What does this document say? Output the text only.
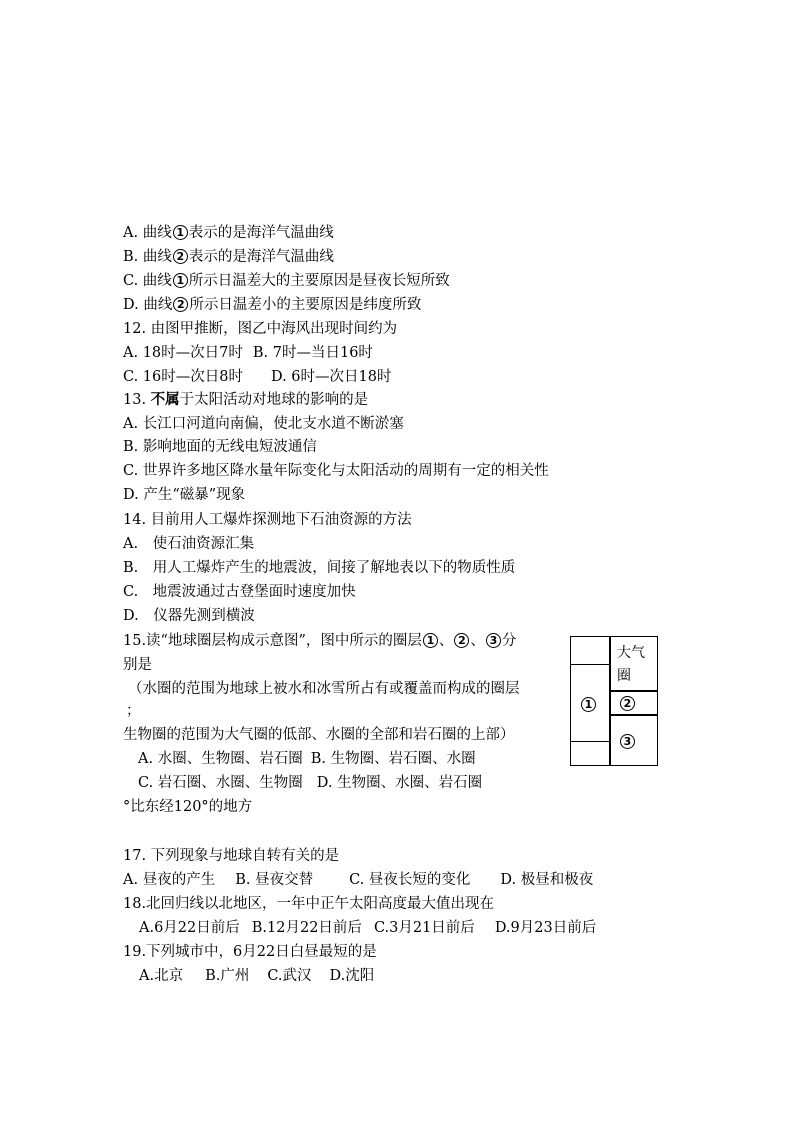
A. 曲线 1 表示的是海洋气温曲线
B. 曲线 2 表示的是海洋气温曲线
C. 曲线 1 所示日温差大的主要原因是昼夜长短所致
D. 曲线 2 所示日温差小的主要原因是纬度所致
12. 由图甲推断，图乙中海风出现时间约为
A. 18时—次日7时 B. 7时—当日16时
C. 16时—次日8时 D. 6时—次日18时
13. 不属于太阳活动对地球的影响的是
A. 长江口河道向南偏，使北支水道不断淤塞
B. 影响地面的无线电短波通信
C. 世界许多地区降水量年际变化与太阳活动的周期有一定的相关性
D. 产生“磁暴”现象
14. 目前用人工爆炸探测地下石油资源的方法
A.　使石油资源汇集
B.　用人工爆炸产生的地震波，间接了解地表以下的物质性质
C.　地震波通过古登堡面时速度加快
D.　仪器先测到横波
15.读“地球圈层构成示意图”，图中所示的圈层 1 、 2 、 3 分
别是
（水圈的范围为地球上被水和冰雪所占有或覆盖而构成的圈层
；
生物圈的范围为大气圈的低部、水圈的全部和岩石圈的上部）
A. 水圈、生物圈、岩石圈 B. 生物圈、岩石圈、水圈
C. 岩石圈、水圈、生物圈 D. 生物圈、水圈、岩石圈
大气
圈
1	2
3
°比东经120°的地方
17. 下列现象与地球自转有关的是
A. 昼夜的产生 B. 昼夜交替 C. 昼夜长短的变化 D. 极昼和极夜
18.北回归线以北地区，一年中正午太阳高度最大值出现在
A.6月22日前后 B.12月22日前后 C.3月21日前后 D.9月23日前后
19.下列城市中，6月22日白昼最短的是
A.北京 B.广州 C.武汉 D.沈阳
